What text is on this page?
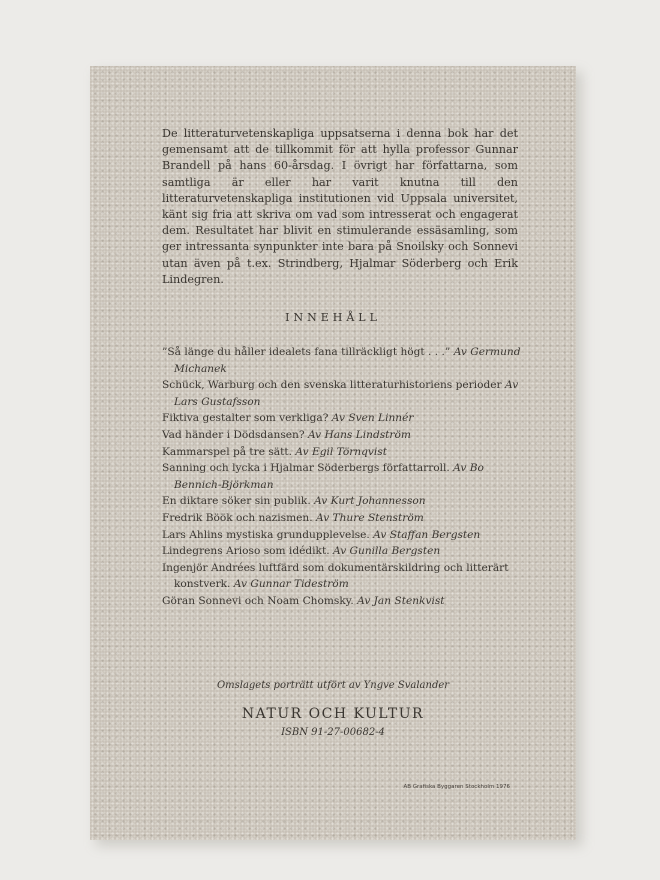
De litteraturvetenskapliga uppsatserna i denna bok har det gemensamt att de tillkommit för att hylla professor Gunnar Brandell på hans 60-årsdag. I övrigt har författarna, som samtliga är eller har varit knutna till den litteraturvetenskapliga institutionen vid Uppsala universitet, känt sig fria att skriva om vad som intresserat och engagerat dem. Resultatet har blivit en stimulerande essäsamling, som ger intressanta synpunkter inte bara på Snoilsky och Sonnevi utan även på t.ex. Strindberg, Hjalmar Söderberg och Erik Lindegren.

INNEHÅLL

”Så länge du håller idealets fana tillräckligt högt . . .” Av Germund Michanek
Schück, Warburg och den svenska litteraturhistoriens perioder Av Lars Gustafsson
Fiktiva gestalter som verkliga? Av Sven Linnér
Vad händer i Dödsdansen? Av Hans Lindström
Kammarspel på tre sätt. Av Egil Törnqvist
Sanning och lycka i Hjalmar Söderbergs författarroll. Av Bo Bennich-Björkman
En diktare söker sin publik. Av Kurt Johannesson
Fredrik Böök och nazismen. Av Thure Stenström
Lars Ahlins mystiska grundupplevelse. Av Staffan Bergsten
Lindegrens Arioso som idédikt. Av Gunilla Bergsten
Ingenjör Andrées luftfärd som dokumentärskildring och litterärt konstverk. Av Gunnar Tideström
Göran Sonnevi och Noam Chomsky. Av Jan Stenkvist

Omslagets porträtt utfört av Yngve Svalander

NATUR OCH KULTUR

ISBN 91-27-00682-4

AB Grafiska Byggaren Stockholm 1976
